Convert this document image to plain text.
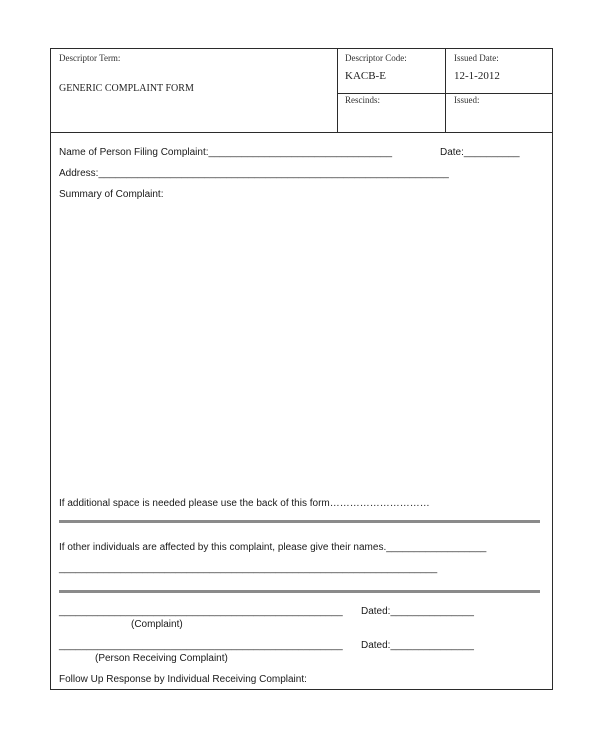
Descriptor Term:
GENERIC COMPLAINT FORM
Descriptor Code:
KACB-E
Rescinds:
Issued Date:
12-1-2012
Issued:
Name of Person Filing Complaint:_________________________________	Date:__________
Address:_______________________________________________________________
Summary of Complaint:
If additional space is needed please use the back of this form…………………………
If other individuals are affected by this complaint, please give their names.__________________
____________________________________________________________________
___________________________________________________ Dated:_______________
(Complaint)
___________________________________________________ Dated:_______________
(Person Receiving Complaint)
Follow Up Response by Individual Receiving Complaint:
